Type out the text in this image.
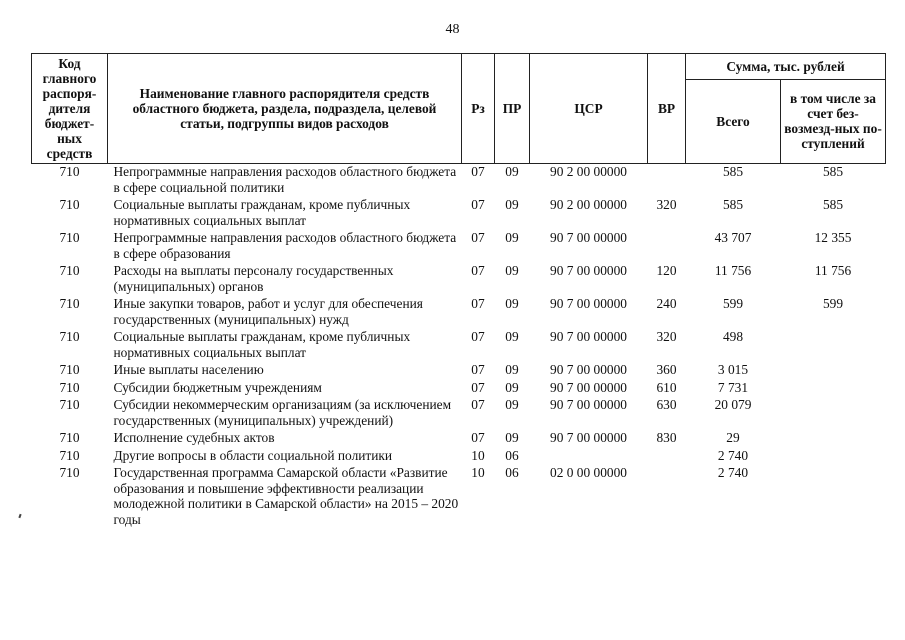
48
Код главного распоря-дителя бюджет-ных средств	Наименование главного распорядителя средств областного бюджета, раздела, подраздела, целевой статьи, подгруппы видов расходов	Рз	ПР	ЦСР	ВР	Сумма, тыс. рублей	
						Всего	в том числе за счет без-возмезд-ных по-ступлений
710	Непрограммные направления расходов областного бюджета в сфере социальной политики	07	09	90 2 00 00000		585	585
710	Социальные выплаты гражданам, кроме публичных нормативных социальных выплат	07	09	90 2 00 00000	320	585	585
710	Непрограммные направления расходов областного бюджета в сфере образования	07	09	90 7 00 00000		43 707	12 355
710	Расходы на выплаты персоналу государственных (муниципальных) органов	07	09	90 7 00 00000	120	11 756	11 756
710	Иные закупки товаров, работ и услуг для обеспечения государственных (муниципальных) нужд	07	09	90 7 00 00000	240	599	599
710	Социальные выплаты гражданам, кроме публичных нормативных социальных выплат	07	09	90 7 00 00000	320	498	
710	Иные выплаты населению	07	09	90 7 00 00000	360	3 015	
710	Субсидии бюджетным учреждениям	07	09	90 7 00 00000	610	7 731	
710	Субсидии некоммерческим организациям (за исключением государственных (муниципальных) учреждений)	07	09	90 7 00 00000	630	20 079	
710	Исполнение судебных актов	07	09	90 7 00 00000	830	29	
710	Другие вопросы в области социальной политики	10	06			2 740	
710	Государственная программа Самарской области «Развитие образования и повышение эффективности реализации молодежной политики в Самарской области» на 2015 – 2020 годы	10	06	02 0 00 00000		2 740	
